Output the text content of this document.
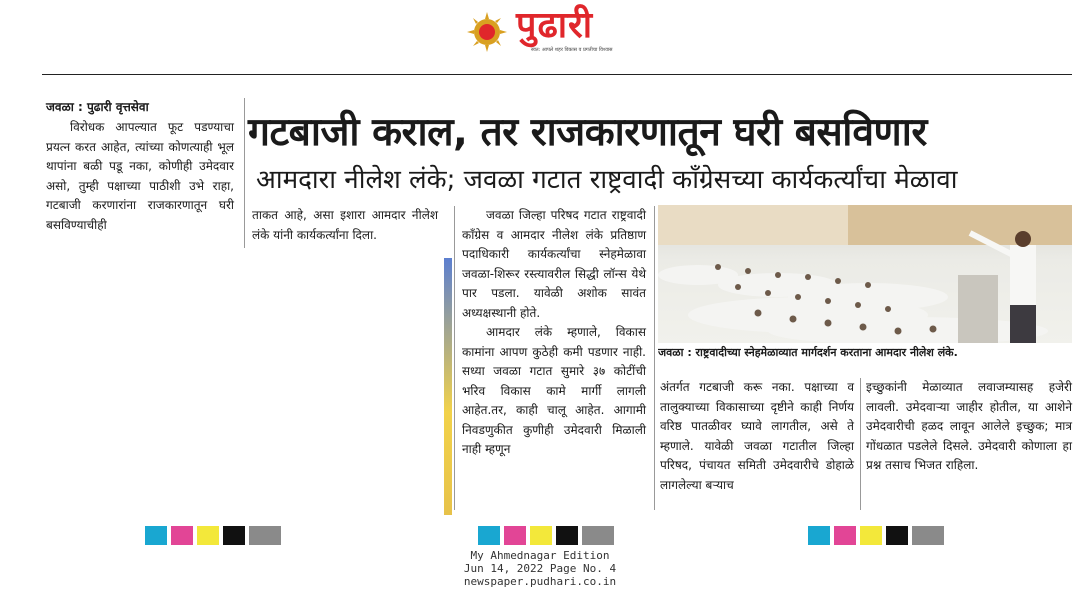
पुढारी
स्वत: आपले शहर विकास व प्रगतीचा विश्वास
जवळा : पुढारी वृत्तसेवा

विरोधक आपल्यात फूट पडण्याचा प्रयत्न करत आहेत, त्यांच्या कोणत्याही भूल थापांना बळी पडू नका, कोणीही उमेदवार असो, तुम्ही पक्षाच्या पाठीशी उभे राहा, गटबाजी करणारांना राजकारणातून घरी बसविण्याचीही

गटबाजी कराल, तर राजकारणातून घरी बसविणार
आमदारा नीलेश लंके; जवळा गटात राष्ट्रवादी कॉंग्रेसच्या कार्यकर्त्यांचा मेळावा

ताकत आहे, असा इशारा आमदार नीलेश लंके यांनी कार्यकर्त्यांना दिला.

जवळा जिल्हा परिषद गटात राष्ट्रवादी कॉंग्रेस व आमदार नीलेश लंके प्रतिष्ठाण पदाधिकारी कार्यकर्त्यांचा स्नेहमेळावा जवळा-शिरूर रस्त्यावरील सिद्धी लॉन्स येथे पार पडला. यावेळी अशोक सावंत अध्यक्षस्थानी होते.

आमदार लंके म्हणाले, विकास कामांना आपण कुठेही कमी पडणार नाही. सध्या जवळा गटात सुमारे ३७ कोटींची भरिव विकास कामे मार्गी लागली आहेत.तर, काही चालू आहेत. आगामी निवडणुकीत कुणीही उमेदवारी मिळाली नाही म्हणून

जवळा : राष्ट्रवादीच्या स्नेहमेळाव्यात मार्गदर्शन करताना आमदार नीलेश लंके.

अंतर्गत गटबाजी करू नका. पक्षाच्या व तालुक्याच्या विकासाच्या दृष्टीने काही निर्णय वरिष्ठ पातळीवर घ्यावे लागतील, असे ते म्हणाले. यावेळी जवळा गटातील जिल्हा परिषद, पंचायत समिती उमेदवारीचे डोहाळे लागलेल्या बऱ्याच

इच्छुकांनी मेळाव्यात लवाजम्यासह हजेरी लावली. उमेदवाऱ्या जाहीर होतील, या आशेने उमेदवारीची हळद लावून आलेले इच्छुक; मात्र गोंधळात पडलेले दिसले. उमेदवारी कोणाला हा प्रश्न तसाच भिजत राहिला.

My Ahmednagar Edition
Jun 14, 2022 Page No. 4
newspaper.pudhari.co.in
